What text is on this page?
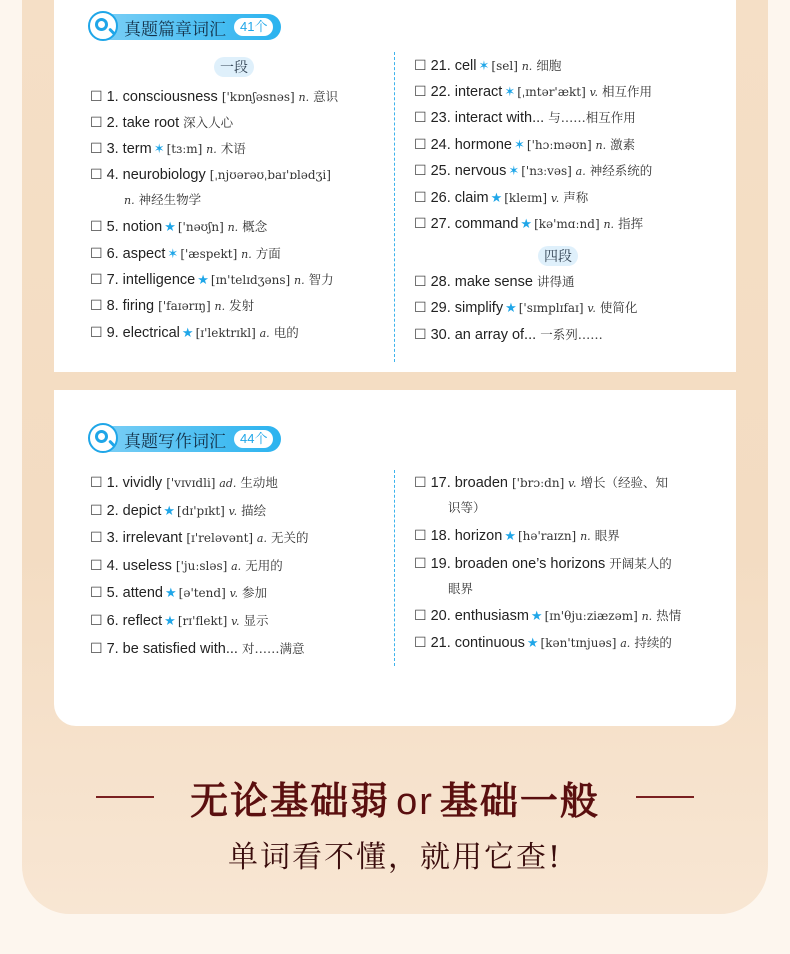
真题篇章词汇	41个
一段
四段
☐ 1. consciousness ['kɒnʃəsnəs] n. 意识
☐ 2. take root 深入人心
☐ 3. term ✶ [tɜːm] n. 术语
☐ 4. neurobiology [ˌnjʊərəʊˌbaɪ'ɒlədʒi]
n. 神经生物学
☐ 5. notion ★ ['nəʊʃn] n. 概念
☐ 6. aspect ✶ ['æspekt] n. 方面
☐ 7. intelligence ★ [ɪn'telɪdʒəns] n. 智力
☐ 8. firing ['faɪərɪŋ] n. 发射
☐ 9. electrical ★ [ɪ'lektrɪkl] a. 电的
☐ 21. cell ✶ [sel] n. 细胞
☐ 22. interact ✶ [ˌɪntər'ækt] v. 相互作用
☐ 23. interact with... 与……相互作用
☐ 24. hormone ✶ ['hɔːməʊn] n. 激素
☐ 25. nervous ✶ ['nɜːvəs] a. 神经系统的
☐ 26. claim ★ [kleɪm] v. 声称
☐ 27. command ★ [kə'mɑːnd] n. 指挥
☐ 28. make sense 讲得通
☐ 29. simplify ★ ['sɪmplɪfaɪ] v. 使简化
☐ 30. an array of... 一系列……
真题写作词汇	44个
☐ 1. vividly ['vɪvɪdli] ad. 生动地
☐ 2. depict ★ [dɪ'pɪkt] v. 描绘
☐ 3. irrelevant [ɪ'reləvənt] a. 无关的
☐ 4. useless ['juːsləs] a. 无用的
☐ 5. attend ★ [ə'tend] v. 参加
☐ 6. reflect ★ [rɪ'flekt] v. 显示
☐ 7. be satisfied with... 对……满意
☐ 17. broaden ['brɔːdn] v. 增长（经验、知
识等）
☐ 18. horizon ★ [hə'raɪzn] n. 眼界
☐ 19. broaden one’s horizons 开阔某人的
眼界
☐ 20. enthusiasm ★ [ɪn'θjuːziæzəm] n. 热情
☐ 21. continuous ★ [kən'tɪnjuəs] a. 持续的
无论基础弱 or 基础一般
单词看不懂，就用它查!
